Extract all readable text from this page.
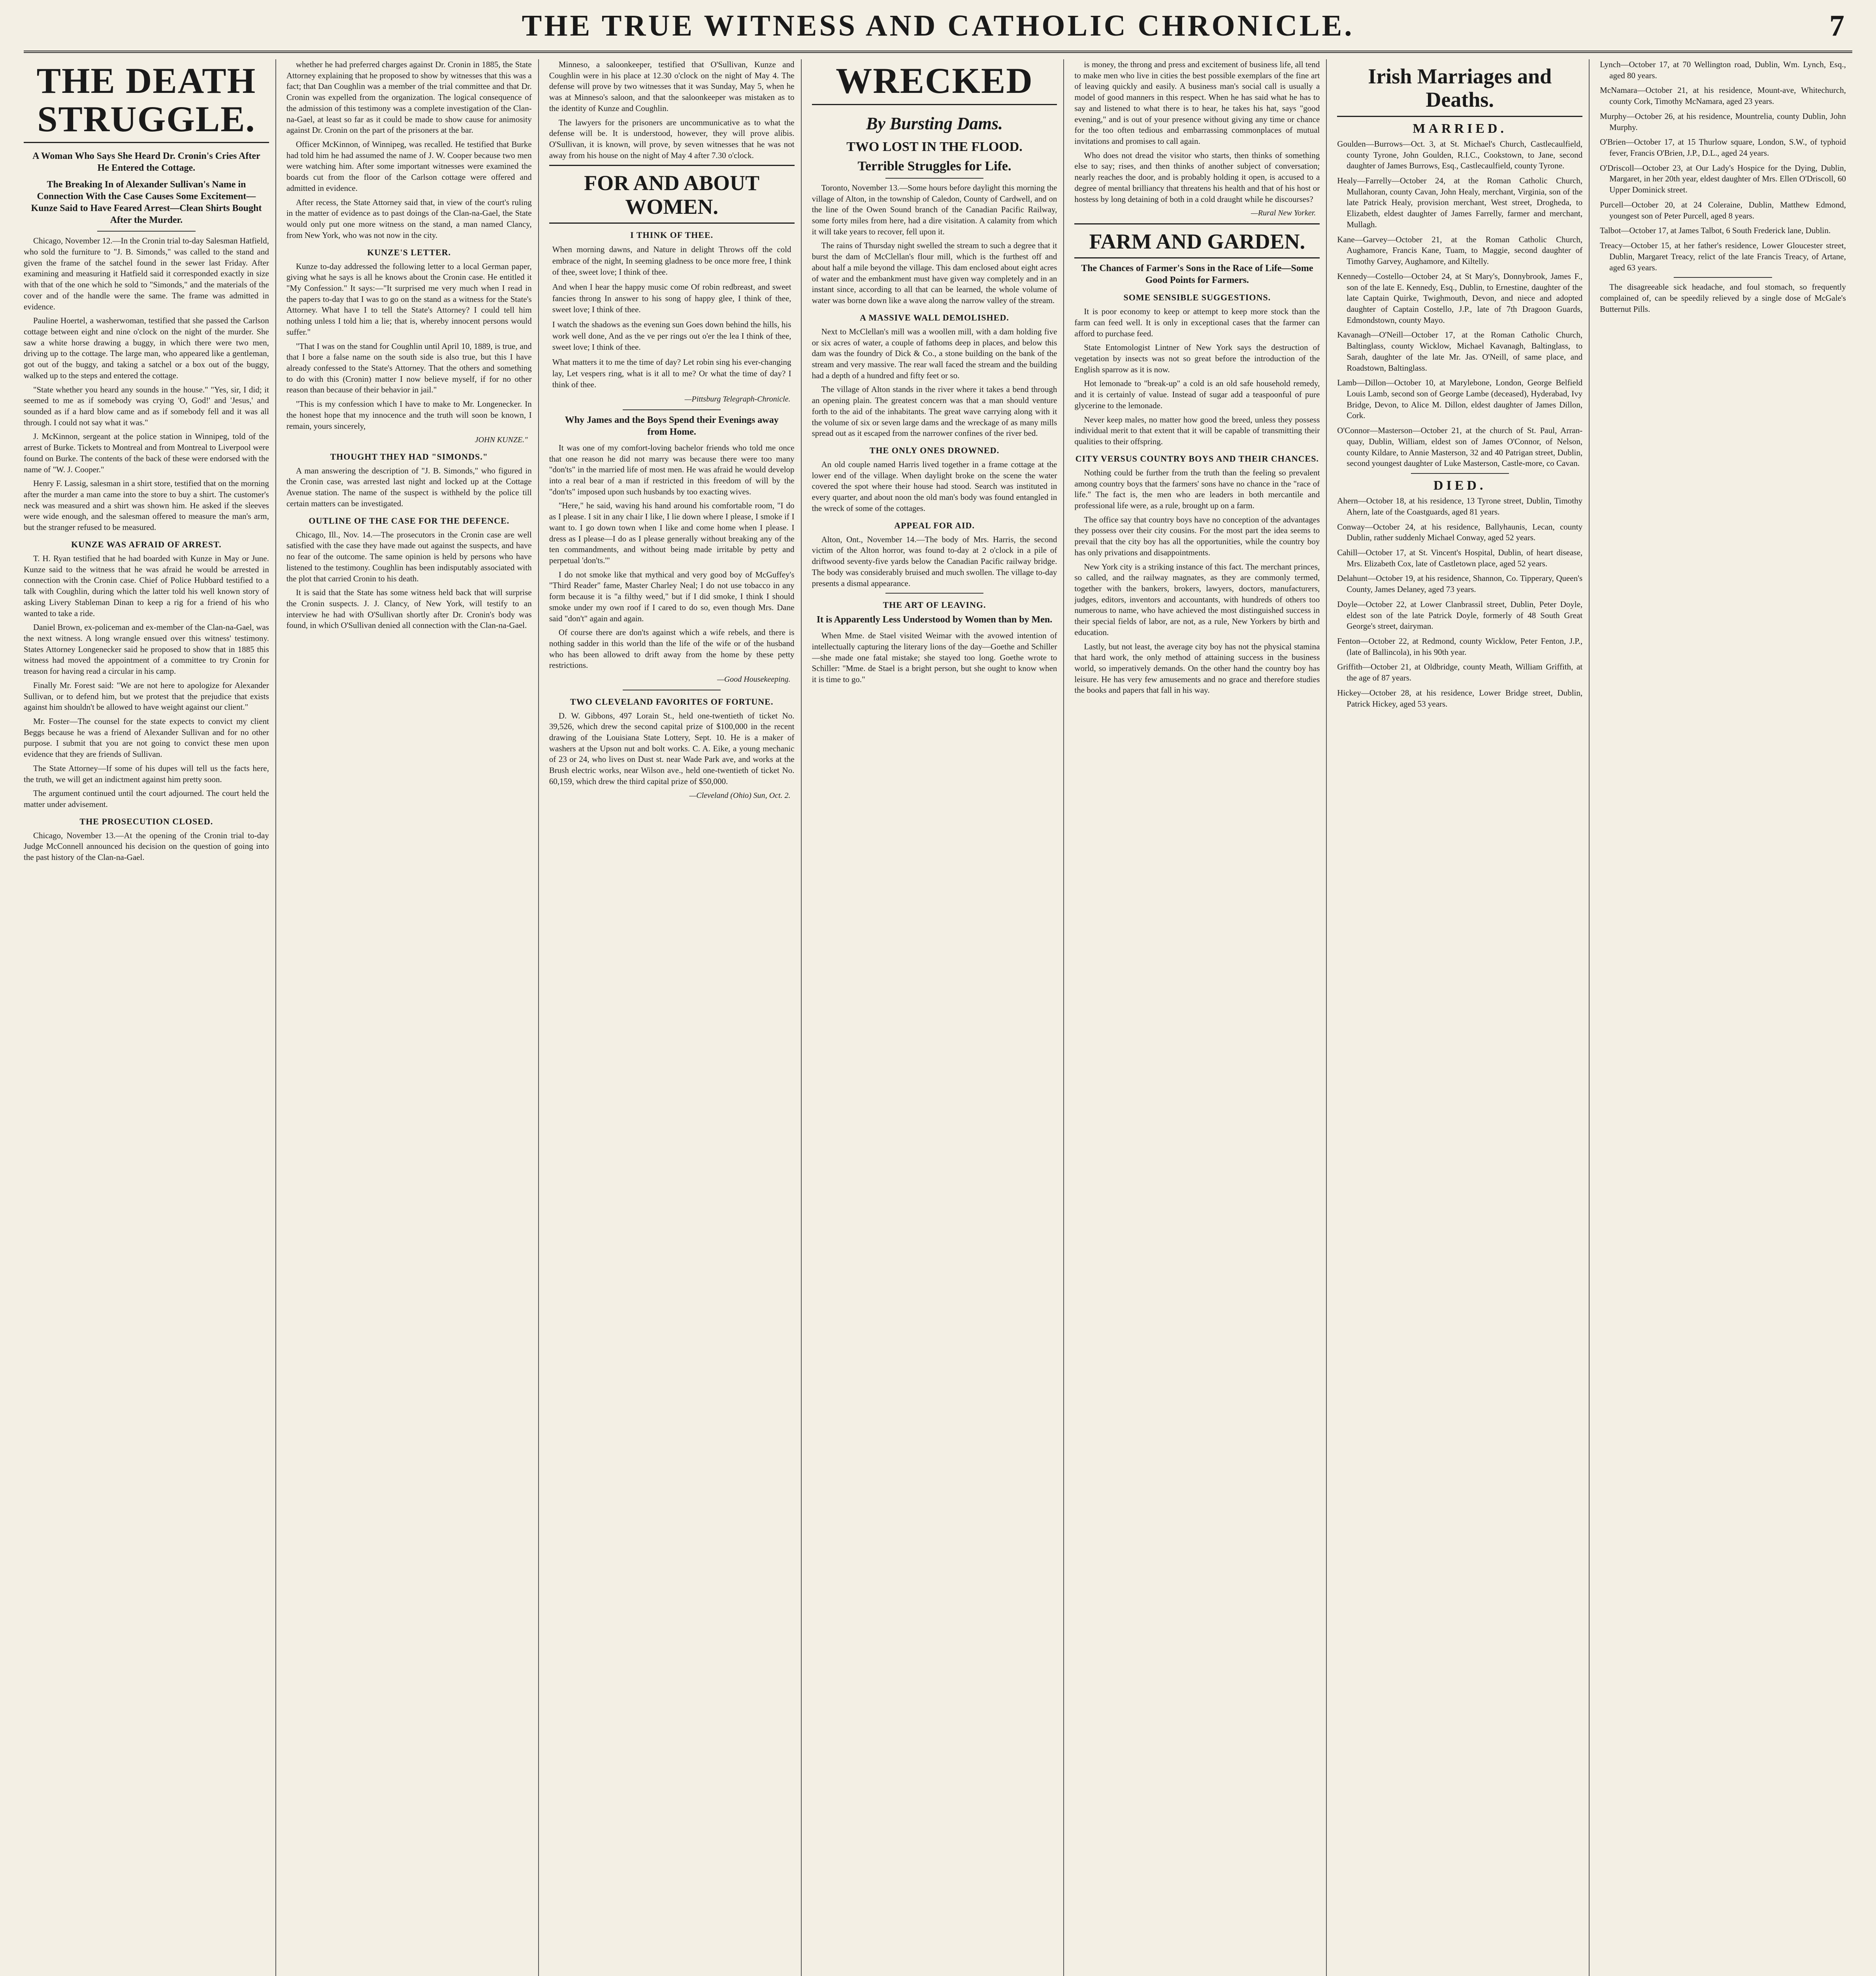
THE TRUE WITNESS AND CATHOLIC CHRONICLE.	7
THE DEATH STRUGGLE.
A Woman Who Says She Heard Dr. Cronin's Cries After He Entered the Cottage.
The Breaking In of Alexander Sullivan's Name in Connection With the Case Causes Some Excitement—Kunze Said to Have Feared Arrest—Clean Shirts Bought After the Murder.

Chicago, November 12.—In the Cronin trial to-day Salesman Hatfield, who sold the furniture to "J. B. Simonds," was called to the stand and given the frame of the satchel found in the sewer last Friday. After examining and measuring it Hatfield said it corresponded exactly in size with that of the one which he sold to "Simonds," and the materials of the cover and of the handle were the same. The frame was admitted in evidence.

Pauline Hoertel, a washerwoman, testified that she passed the Carlson cottage between eight and nine o'clock on the night of the murder. She saw a white horse drawing a buggy, in which there were two men, driving up to the cottage. The large man, who appeared like a gentleman, got out of the buggy, and taking a satchel or a box out of the buggy, walked up to the steps and entered the cottage.

"State whether you heard any sounds in the house." "Yes, sir, I did; it seemed to me as if somebody was crying 'O, God!' and 'Jesus,' and sounded as if a hard blow came and as if somebody fell and it was all through. I could not say what it was."

J. McKinnon, sergeant at the police station in Winnipeg, told of the arrest of Burke. Tickets to Montreal and from Montreal to Liverpool were found on Burke. The contents of the back of these were endorsed with the name of "W. J. Cooper."

Henry F. Lassig, salesman in a shirt store, testified that on the morning after the murder a man came into the store to buy a shirt. The customer's neck was measured and a shirt was shown him. He asked if the sleeves were wide enough, and the salesman offered to measure the man's arm, but the stranger refused to be measured.

KUNZE WAS AFRAID OF ARREST.

T. H. Ryan testified that he had boarded with Kunze in May or June. Kunze said to the witness that he was afraid he would be arrested in connection with the Cronin case. Chief of Police Hubbard testified to a talk with Coughlin, during which the latter told his well known story of asking Livery Stableman Dinan to keep a rig for a friend of his who wanted to take a ride.

Daniel Brown, ex-policeman and ex-member of the Clan-na-Gael, was the next witness. A long wrangle ensued over this witness' testimony. States Attorney Longenecker said he proposed to show that in 1885 this witness had moved the appointment of a committee to try Cronin for treason for having read a circular in his camp.

Finally Mr. Forest said: "We are not here to apologize for Alexander Sullivan, or to defend him, but we protest that the prejudice that exists against him shouldn't be allowed to have weight against our client."

Mr. Foster—The counsel for the state expects to convict my client Beggs because he was a friend of Alexander Sullivan and for no other purpose. I submit that you are not going to convict these men upon evidence that they are friends of Sullivan.

The State Attorney—If some of his dupes will tell us the facts here, the truth, we will get an indictment against him pretty soon.

The argument continued until the court adjourned. The court held the matter under advisement.

THE PROSECUTION CLOSED.

Chicago, November 13.—At the opening of the Cronin trial to-day Judge McConnell announced his decision on the question of going into the past history of the Clan-na-Gael.

whether he had preferred charges against Dr. Cronin in 1885, the State Attorney explaining that he proposed to show by witnesses that this was a fact; that Dan Coughlin was a member of the trial committee and that Dr. Cronin was expelled from the organization. The logical consequence of the admission of this testimony was a complete investigation of the Clan-na-Gael, at least so far as it could be made to show cause for animosity against Dr. Cronin on the part of the prisoners at the bar.

Officer McKinnon, of Winnipeg, was recalled. He testified that Burke had told him he had assumed the name of J. W. Cooper because two men were watching him. After some important witnesses were examined the boards cut from the floor of the Carlson cottage were offered and admitted in evidence.

After recess, the State Attorney said that, in view of the court's ruling in the matter of evidence as to past doings of the Clan-na-Gael, the State would only put one more witness on the stand, a man named Clancy, from New York, who was not now in the city.

KUNZE'S LETTER.

Kunze to-day addressed the following letter to a local German paper, giving what he says is all he knows about the Cronin case. He entitled it "My Confession." It says:—"It surprised me very much when I read in the papers to-day that I was to go on the stand as a witness for the State's Attorney. What have I to tell the State's Attorney? I could tell him nothing unless I told him a lie; that is, whereby innocent persons would suffer."

"That I was on the stand for Coughlin until April 10, 1889, is true, and that I bore a false name on the south side is also true, but this I have already confessed to the State's Attorney. That the others and something to do with this (Cronin) matter I now believe myself, if for no other reason than because of their behavior in jail."

"This is my confession which I have to make to Mr. Longenecker. In the honest hope that my innocence and the truth will soon be known, I remain, yours sincerely,

JOHN KUNZE."
THOUGHT THEY HAD "SIMONDS."

A man answering the description of "J. B. Simonds," who figured in the Cronin case, was arrested last night and locked up at the Cottage Avenue station. The name of the suspect is withheld by the police till certain matters can be investigated.

OUTLINE OF THE CASE FOR THE DEFENCE.

Chicago, Ill., Nov. 14.—The prosecutors in the Cronin case are well satisfied with the case they have made out against the suspects, and have no fear of the outcome. The same opinion is held by persons who have listened to the testimony. Coughlin has been indisputably associated with the plot that carried Cronin to his death.

It is said that the State has some witness held back that will surprise the Cronin suspects. J. J. Clancy, of New York, will testify to an interview he had with O'Sullivan shortly after Dr. Cronin's body was found, in which O'Sullivan denied all connection with the Clan-na-Gael.

Minneso, a saloonkeeper, testified that O'Sullivan, Kunze and Coughlin were in his place at 12.30 o'clock on the night of May 4. The defense will prove by two witnesses that it was Sunday, May 5, when he was at Minneso's saloon, and that the saloonkeeper was mistaken as to the identity of Kunze and Coughlin.

The lawyers for the prisoners are uncommunicative as to what the defense will be. It is understood, however, they will prove alibis. O'Sullivan, it is known, will prove, by seven witnesses that he was not away from his house on the night of May 4 after 7.30 o'clock.

FOR AND ABOUT WOMEN.
I THINK OF THEE.

When morning dawns, and Nature in delight Throws off the cold embrace of the night, In seeming gladness to be once more free, I think of thee, sweet love; I think of thee.

And when I hear the happy music come Of robin redbreast, and sweet fancies throng In answer to his song of happy glee, I think of thee, sweet love; I think of thee.

I watch the shadows as the evening sun Goes down behind the hills, his work well done, And as the ve per rings out o'er the lea I think of thee, sweet love; I think of thee.

What matters it to me the time of day? Let robin sing his ever-changing lay, Let vespers ring, what is it all to me? Or what the time of day? I think of thee.

—Pittsburg Telegraph-Chronicle.
Why James and the Boys Spend their Evenings away from Home.

It was one of my comfort-loving bachelor friends who told me once that one reason he did not marry was because there were too many "don'ts" in the married life of most men. He was afraid he would develop into a real bear of a man if restricted in this freedom of will by the "don'ts" imposed upon such husbands by too exacting wives.

"Here," he said, waving his hand around his comfortable room, "I do as I please. I sit in any chair I like, I lie down where I please, I smoke if I want to. I go down town when I like and come home when I please. I dress as I please—I do as I please generally without breaking any of the ten commandments, and without being made irritable by petty and perpetual 'don'ts.'"

I do not smoke like that mythical and very good boy of McGuffey's "Third Reader" fame, Master Charley Neal; I do not use tobacco in any form because it is "a filthy weed," but if I did smoke, I think I should smoke under my own roof if I cared to do so, even though Mrs. Dane said "don't" again and again.

Of course there are don'ts against which a wife rebels, and there is nothing sadder in this world than the life of the wife or of the husband who has been allowed to drift away from the home by these petty restrictions.

—Good Housekeeping.
TWO CLEVELAND FAVORITES OF FORTUNE.

D. W. Gibbons, 497 Lorain St., held one-twentieth of ticket No. 39,526, which drew the second capital prize of $100,000 in the recent drawing of the Louisiana State Lottery, Sept. 10. He is a maker of washers at the Upson nut and bolt works. C. A. Eike, a young mechanic of 23 or 24, who lives on Dust st. near Wade Park ave, and works at the Brush electric works, near Wilson ave., held one-twentieth of ticket No. 60,159, which drew the third capital prize of $50,000.

—Cleveland (Ohio) Sun, Oct. 2.
WRECKED
By Bursting Dams.
TWO LOST IN THE FLOOD.
Terrible Struggles for Life.

Toronto, November 13.—Some hours before daylight this morning the village of Alton, in the township of Caledon, County of Cardwell, and on the line of the Owen Sound branch of the Canadian Pacific Railway, some forty miles from here, had a dire visitation. A calamity from which it will take years to recover, fell upon it.

The rains of Thursday night swelled the stream to such a degree that it burst the dam of McClellan's flour mill, which is the furthest off and about half a mile beyond the village. This dam enclosed about eight acres of water and the embankment must have given way completely and in an instant since, according to all that can be learned, the whole volume of water was borne down like a wave along the narrow valley of the stream.

A MASSIVE WALL DEMOLISHED.

Next to McClellan's mill was a woollen mill, with a dam holding five or six acres of water, a couple of fathoms deep in places, and below this dam was the foundry of Dick & Co., a stone building on the bank of the stream and very massive. The rear wall faced the stream and the building had a depth of a hundred and fifty feet or so.

The village of Alton stands in the river where it takes a bend through an opening plain. The greatest concern was that a man should venture forth to the aid of the inhabitants. The great wave carrying along with it the volume of six or seven large dams and the wreckage of as many mills spread out as it escaped from the narrower confines of the river bed.

THE ONLY ONES DROWNED.

An old couple named Harris lived together in a frame cottage at the lower end of the village. When daylight broke on the scene the water covered the spot where their house had stood. Search was instituted in every quarter, and about noon the old man's body was found entangled in the wreck of some of the cottages.

APPEAL FOR AID.

Alton, Ont., November 14.—The body of Mrs. Harris, the second victim of the Alton horror, was found to-day at 2 o'clock in a pile of driftwood seventy-five yards below the Canadian Pacific railway bridge. The body was considerably bruised and much swollen. The village to-day presents a dismal appearance.

THE ART OF LEAVING.
It is Apparently Less Understood by Women than by Men.

When Mme. de Stael visited Weimar with the avowed intention of intellectually capturing the literary lions of the day—Goethe and Schiller—she made one fatal mistake; she stayed too long. Goethe wrote to Schiller: "Mme. de Stael is a bright person, but she ought to know when it is time to go."

is money, the throng and press and excitement of business life, all tend to make men who live in cities the best possible exemplars of the fine art of leaving quickly and easily. A business man's social call is usually a model of good manners in this respect. When he has said what he has to say and listened to what there is to hear, he takes his hat, says "good evening," and is out of your presence without giving any time or chance for the too often tedious and embarrassing commonplaces of mutual invitations and promises to call again.

Who does not dread the visitor who starts, then thinks of something else to say; rises, and then thinks of another subject of conversation; nearly reaches the door, and is probably holding it open, is accused to a degree of mental brilliancy that threatens his health and that of his host or hostess by long detaining of both in a cold draught while he discourses?

—Rural New Yorker.
FARM AND GARDEN.
The Chances of Farmer's Sons in the Race of Life—Some Good Points for Farmers.
SOME SENSIBLE SUGGESTIONS.

It is poor economy to keep or attempt to keep more stock than the farm can feed well. It is only in exceptional cases that the farmer can afford to purchase feed.

State Entomologist Lintner of New York says the destruction of vegetation by insects was not so great before the introduction of the English sparrow as it is now.

Hot lemonade to "break-up" a cold is an old safe household remedy, and it is certainly of value. Instead of sugar add a teaspoonful of pure glycerine to the lemonade.

Never keep males, no matter how good the breed, unless they possess individual merit to that extent that it will be capable of transmitting their qualities to their offspring.

CITY VERSUS COUNTRY BOYS AND THEIR CHANCES.

Nothing could be further from the truth than the feeling so prevalent among country boys that the farmers' sons have no chance in the "race of life." The fact is, the men who are leaders in both mercantile and professional life were, as a rule, brought up on a farm.

The office say that country boys have no conception of the advantages they possess over their city cousins. For the most part the idea seems to prevail that the city boy has all the opportunities, while the country boy has only privations and disappointments.

New York city is a striking instance of this fact. The merchant princes, so called, and the railway magnates, as they are commonly termed, together with the bankers, brokers, lawyers, doctors, manufacturers, judges, editors, inventors and accountants, with hundreds of others too numerous to name, who have achieved the most distinguished success in their special fields of labor, are not, as a rule, New Yorkers by birth and education.

Lastly, but not least, the average city boy has not the physical stamina that hard work, the only method of attaining success in the business world, so imperatively demands. On the other hand the country boy has leisure. He has very few amusements and no grace and therefore studies the books and papers that fall in his way.

Irish Marriages and Deaths.
MARRIED.
Goulden—Burrows—Oct. 3, at St. Michael's Church, Castlecaulfield, county Tyrone, John Goulden, R.I.C., Cookstown, to Jane, second daughter of James Burrows, Esq., Castlecaulfield, county Tyrone.
Healy—Farrelly—October 24, at the Roman Catholic Church, Mullahoran, county Cavan, John Healy, merchant, Virginia, son of the late Patrick Healy, provision merchant, West street, Drogheda, to Elizabeth, eldest daughter of James Farrelly, farmer and merchant, Mullagh.
Kane—Garvey—October 21, at the Roman Catholic Church, Aughamore, Francis Kane, Tuam, to Maggie, second daughter of Timothy Garvey, Aughamore, and Kiltelly.
Kennedy—Costello—October 24, at St Mary's, Donnybrook, James F., son of the late E. Kennedy, Esq., Dublin, to Ernestine, daughter of the late Captain Quirke, Twighmouth, Devon, and niece and adopted daughter of Captain Costello, J.P., late of 7th Dragoon Guards, Edmondstown, county Mayo.
Kavanagh—O'Neill—October 17, at the Roman Catholic Church, Baltinglass, county Wicklow, Michael Kavanagh, Baltinglass, to Sarah, daughter of the late Mr. Jas. O'Neill, of same place, and Roadstown, Baltinglass.
Lamb—Dillon—October 10, at Marylebone, London, George Belfield Louis Lamb, second son of George Lambe (deceased), Hyderabad, Ivy Bridge, Devon, to Alice M. Dillon, eldest daughter of James Dillon, Cork.
O'Connor—Masterson—October 21, at the church of St. Paul, Arran-quay, Dublin, William, eldest son of James O'Connor, of Nelson, county Kildare, to Annie Masterson, 32 and 40 Patrigan street, Dublin, second youngest daughter of Luke Masterson, Castle-more, co Cavan.
DIED.
Ahern—October 18, at his residence, 13 Tyrone street, Dublin, Timothy Ahern, late of the Coastguards, aged 81 years.
Conway—October 24, at his residence, Ballyhaunis, Lecan, county Dublin, rather suddenly Michael Conway, aged 52 years.
Cahill—October 17, at St. Vincent's Hospital, Dublin, of heart disease, Mrs. Elizabeth Cox, late of Castletown place, aged 52 years.
Delahunt—October 19, at his residence, Shannon, Co. Tipperary, Queen's County, James Delaney, aged 73 years.
Doyle—October 22, at Lower Clanbrassil street, Dublin, Peter Doyle, eldest son of the late Patrick Doyle, formerly of 48 South Great George's street, dairyman.
Fenton—October 22, at Redmond, county Wicklow, Peter Fenton, J.P., (late of Ballincola), in his 90th year.
Griffith—October 21, at Oldbridge, county Meath, William Griffith, at the age of 87 years.
Hickey—October 28, at his residence, Lower Bridge street, Dublin, Patrick Hickey, aged 53 years.
Lynch—October 17, at 70 Wellington road, Dublin, Wm. Lynch, Esq., aged 80 years.
McNamara—October 21, at his residence, Mount-ave, Whitechurch, county Cork, Timothy McNamara, aged 23 years.
Murphy—October 26, at his residence, Mountrelia, county Dublin, John Murphy.
O'Brien—October 17, at 15 Thurlow square, London, S.W., of typhoid fever, Francis O'Brien, J.P., D.L., aged 24 years.
O'Driscoll—October 23, at Our Lady's Hospice for the Dying, Dublin, Margaret, in her 20th year, eldest daughter of Mrs. Ellen O'Driscoll, 60 Upper Dominick street.
Purcell—October 20, at 24 Coleraine, Dublin, Matthew Edmond, youngest son of Peter Purcell, aged 8 years.
Talbot—October 17, at James Talbot, 6 South Frederick lane, Dublin.
Treacy—October 15, at her father's residence, Lower Gloucester street, Dublin, Margaret Treacy, relict of the late Francis Treacy, of Artane, aged 63 years.

The disagreeable sick headache, and foul stomach, so frequently complained of, can be speedily relieved by a single dose of McGale's Butternut Pills.
